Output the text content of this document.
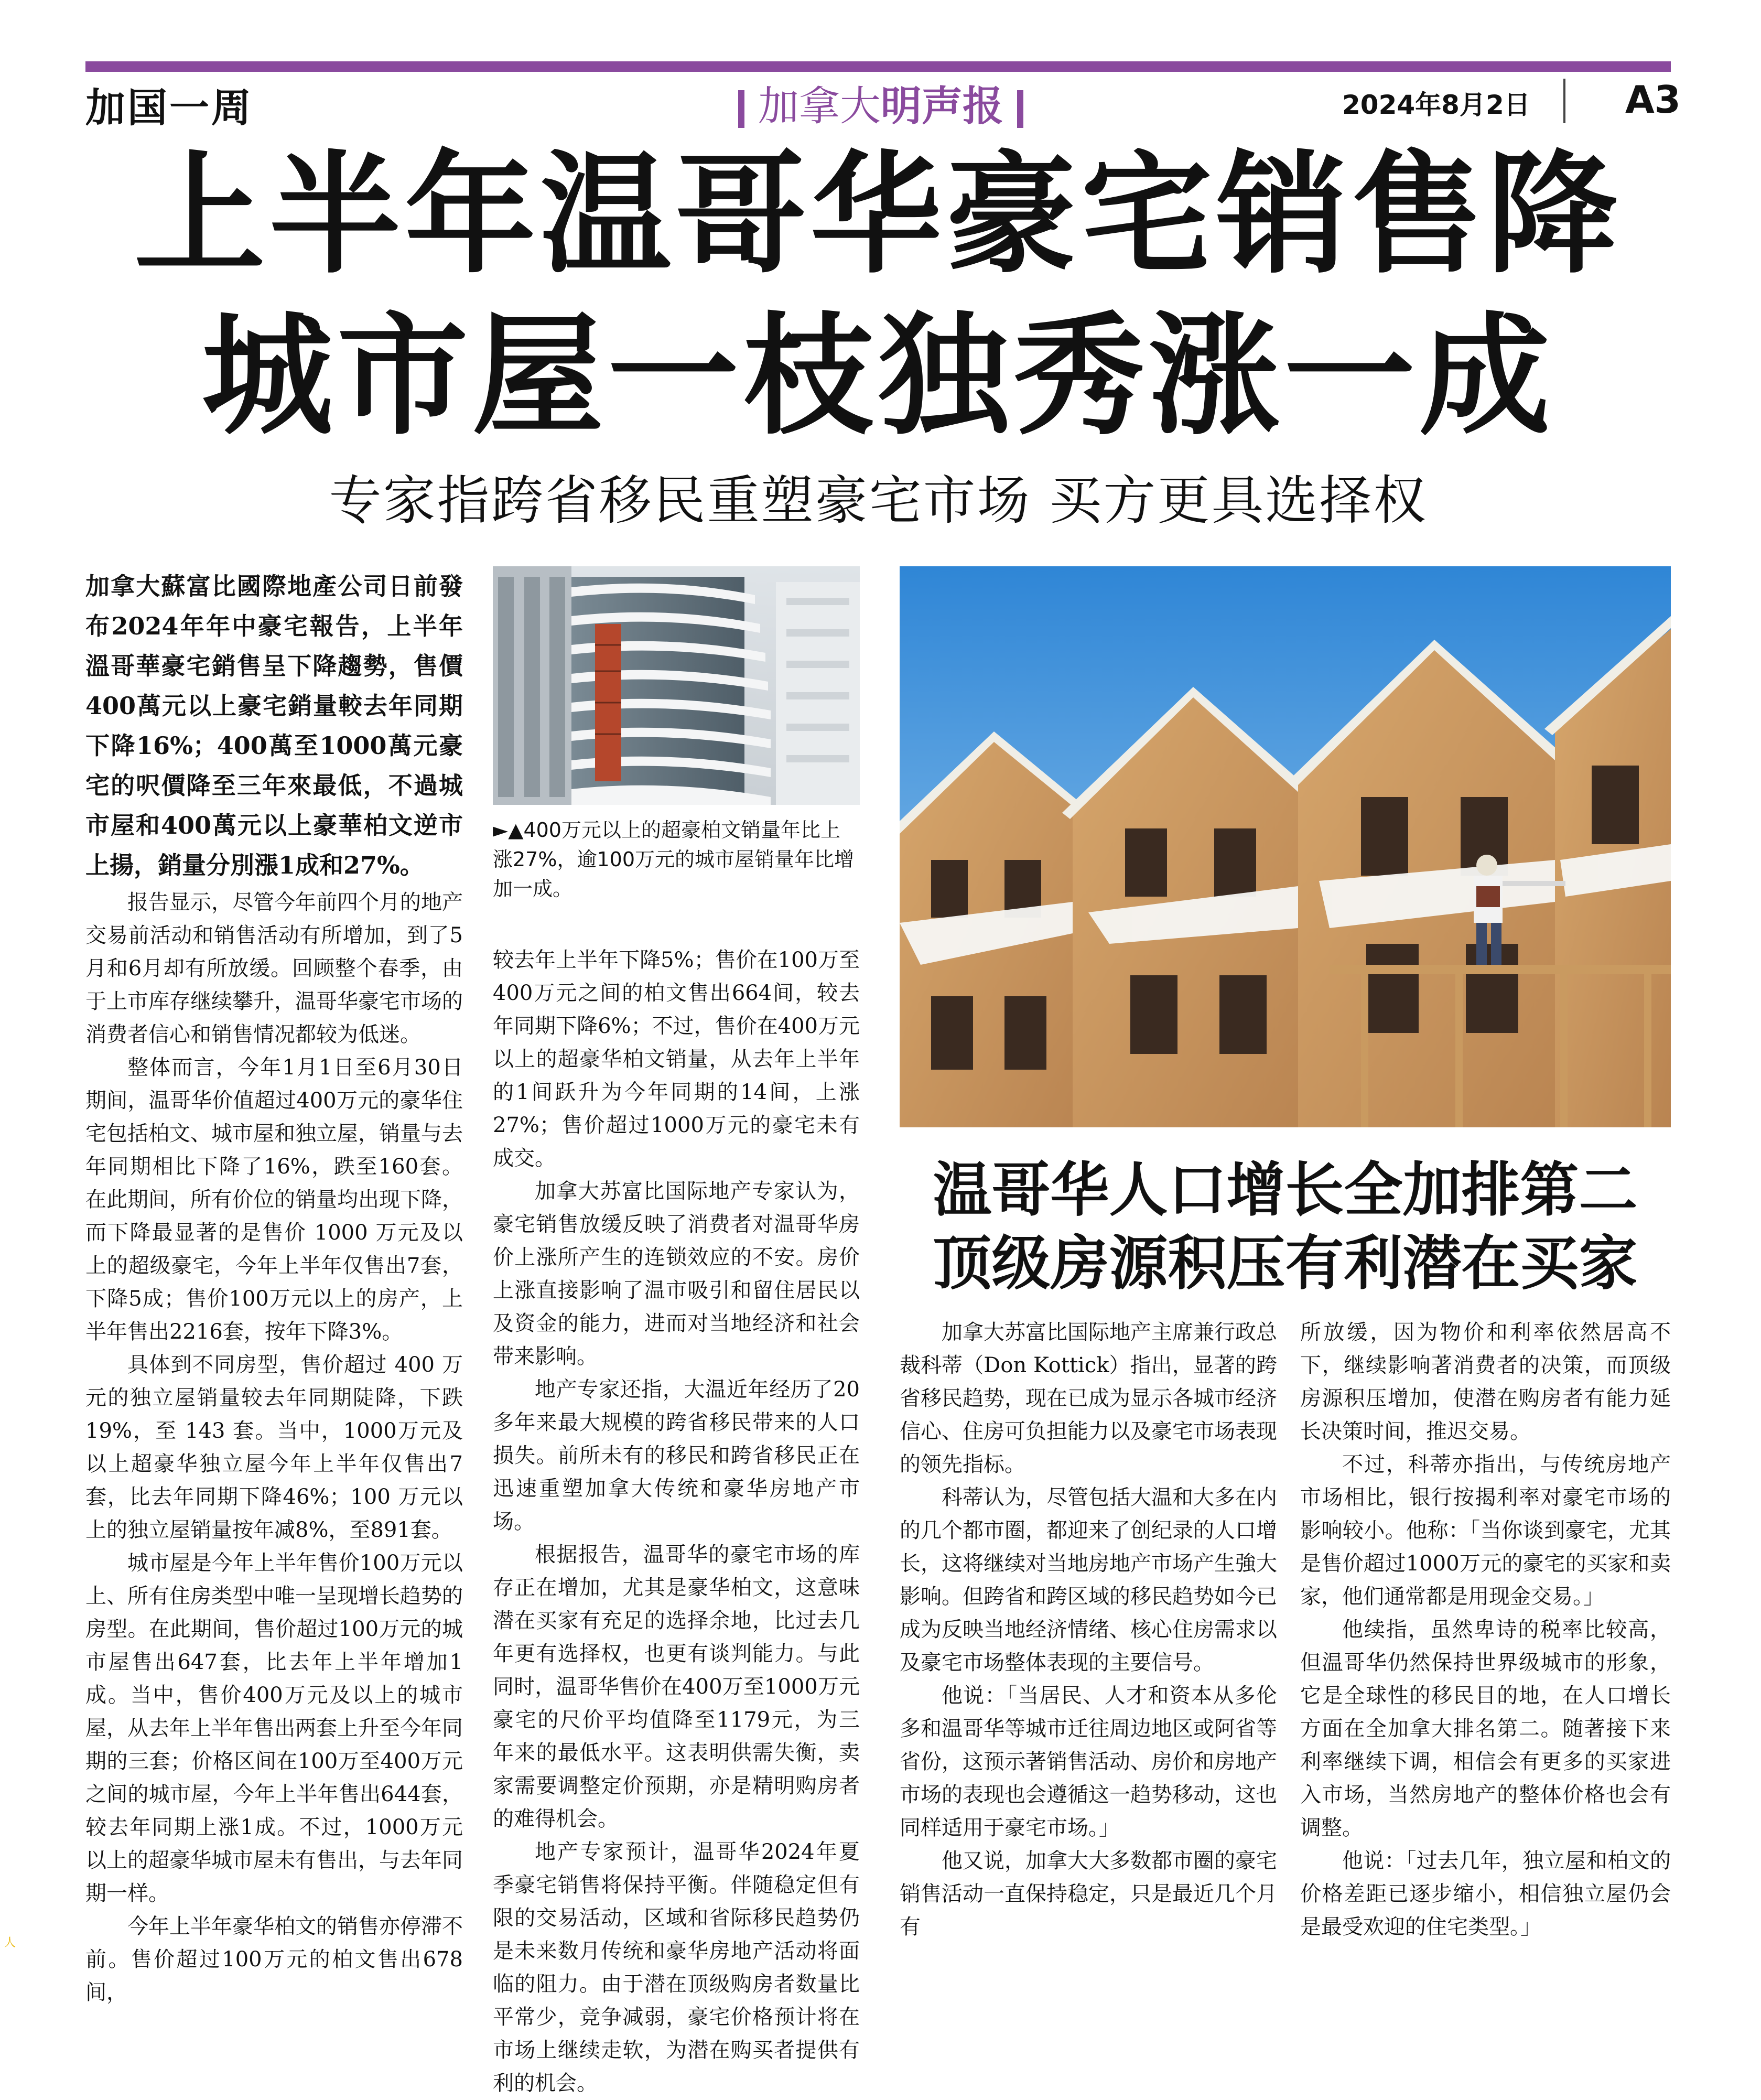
加国一周	加拿大明声报	2024年8月2日	A3
上半年温哥华豪宅销售降
城市屋一枝独秀涨一成
专家指跨省移民重塑豪宅市场 买方更具选择权
加拿大蘇富比國際地產公司日前發布2024年年中豪宅報告，上半年溫哥華豪宅銷售呈下降趨勢，售價400萬元以上豪宅銷量較去年同期下降16%；400萬至1000萬元豪宅的呎價降至三年來最低，不過城市屋和400萬元以上豪華柏文逆市上揚，銷量分別漲1成和27%。
►▲400万元以上的超豪柏文销量年比上涨27%，逾100万元的城市屋销量年比增加一成。

报告显示，尽管今年前四个月的地产交易前活动和销售活动有所增加，到了5月和6月却有所放缓。回顾整个春季，由于上市库存继续攀升，温哥华豪宅市场的消费者信心和销售情况都较为低迷。

整体而言，今年1月1日至6月30日期间，温哥华价值超过400万元的豪华住宅包括柏文、城市屋和独立屋，销量与去年同期相比下降了16%，跌至160套。在此期间，所有价位的销量均出现下降，而下降最显著的是售价 1000 万元及以上的超级豪宅，今年上半年仅售出7套，下降5成；售价100万元以上的房产，上半年售出2216套，按年下降3%。

具体到不同房型，售价超过 400 万元的独立屋销量较去年同期陡降，下跌19%，至 143 套。当中，1000万元及以上超豪华独立屋今年上半年仅售出7套，比去年同期下降46%；100 万元以上的独立屋销量按年减8%，至891套。

城市屋是今年上半年售价100万元以上、所有住房类型中唯一呈现增长趋势的房型。在此期间，售价超过100万元的城市屋售出647套，比去年上半年增加1成。当中，售价400万元及以上的城市屋，从去年上半年售出两套上升至今年同期的三套；价格区间在100万至400万元之间的城市屋，今年上半年售出644套，较去年同期上涨1成。不过，1000万元以上的超豪华城市屋未有售出，与去年同期一样。

今年上半年豪华柏文的销售亦停滞不前。售价超过100万元的柏文售出678间，

较去年上半年下降5%；售价在100万至400万元之间的柏文售出664间，较去年同期下降6%；不过，售价在400万元以上的超豪华柏文销量，从去年上半年的1间跃升为今年同期的14间，上涨27%；售价超过1000万元的豪宅未有成交。

加拿大苏富比国际地产专家认为，豪宅销售放缓反映了消费者对温哥华房价上涨所产生的连锁效应的不安。房价上涨直接影响了温市吸引和留住居民以及资金的能力，进而对当地经济和社会带来影响。

地产专家还指，大温近年经历了20多年来最大规模的跨省移民带来的人口损失。前所未有的移民和跨省移民正在迅速重塑加拿大传统和豪华房地产市场。

根据报告，温哥华的豪宅市场的库存正在增加，尤其是豪华柏文，这意味潜在买家有充足的选择余地，比过去几年更有选择权，也更有谈判能力。与此同时，温哥华售价在400万至1000万元豪宅的尺价平均值降至1179元，为三年来的最低水平。这表明供需失衡，卖家需要调整定价预期，亦是精明购房者的难得机会。

地产专家预计，温哥华2024年夏季豪宅销售将保持平衡。伴随稳定但有限的交易活动，区域和省际移民趋势仍是未来数月传统和豪华房地产活动将面临的阻力。由于潜在顶级购房者数量比平常少，竞争减弱，豪宅价格预计将在市场上继续走软，为潜在购买者提供有利的机会。

温哥华人口增长全加排第二
顶级房源积压有利潜在买家

加拿大苏富比国际地产主席兼行政总裁科蒂（Don Kottick）指出，显著的跨省移民趋势，现在已成为显示各城市经济信心、住房可负担能力以及豪宅市场表现的领先指标。

科蒂认为，尽管包括大温和大多在内的几个都市圈，都迎来了创纪录的人口增长，这将继续对当地房地产市场产生強大影响。但跨省和跨区域的移民趋势如今已成为反映当地经济情绪、核心住房需求以及豪宅市场整体表现的主要信号。

他说：「当居民、人才和资本从多伦多和温哥华等城市迁往周边地区或阿省等省份，这预示著销售活动、房价和房地产市场的表现也会遵循这一趋势移动，这也同样适用于豪宅市场。」

他又说，加拿大大多数都市圈的豪宅销售活动一直保持稳定，只是最近几个月有

所放缓，因为物价和利率依然居高不下，继续影响著消费者的决策，而顶级房源积压增加，使潜在购房者有能力延长决策时间，推迟交易。

不过，科蒂亦指出，与传统房地产市场相比，银行按揭利率对豪宅市场的影响较小。他称：「当你谈到豪宅，尤其是售价超过1000万元的豪宅的买家和卖家，他们通常都是用现金交易。」

他续指，虽然卑诗的税率比较高，但温哥华仍然保持世界级城市的形象，它是全球性的移民目的地，在人口增长方面在全加拿大排名第二。随著接下来利率继续下调，相信会有更多的买家进入市场，当然房地产的整体价格也会有调整。

他说：「过去几年，独立屋和柏文的价格差距已逐步缩小，相信独立屋仍会是最受欢迎的住宅类型。」

人
